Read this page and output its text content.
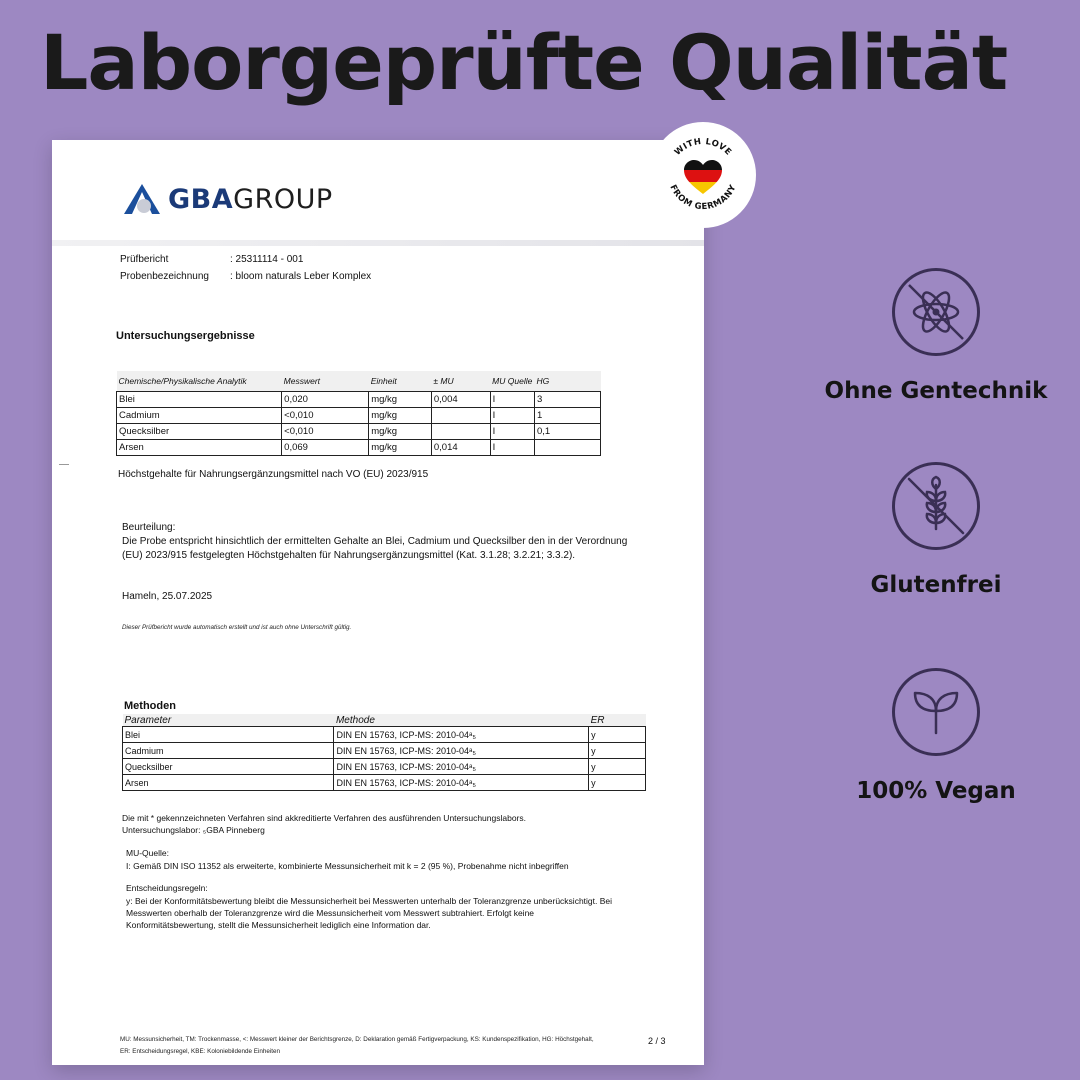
Laborgeprüfte Qualität
GBAGROUP
Prüfbericht	: 25311114 - 001
Probenbezeichnung : bloom naturals Leber Komplex
Untersuchungsergebnisse
Chemische/Physikalische Analytik	Messwert	Einheit	± MU	MU Quelle	HG
Blei	0,020	mg/kg	0,004	I	3
Cadmium	<0,010	mg/kg		I	1
Quecksilber	<0,010	mg/kg		I	0,1
Arsen	0,069	mg/kg	0,014	I	
Höchstgehalte für Nahrungsergänzungsmittel nach VO (EU) 2023/915
Beurteilung:
Die Probe entspricht hinsichtlich der ermittelten Gehalte an Blei, Cadmium und Quecksilber den in der Verordnung
(EU) 2023/915 festgelegten Höchstgehalten für Nahrungsergänzungsmittel (Kat. 3.1.28; 3.2.21; 3.3.2).
Hameln, 25.07.2025
Dieser Prüfbericht wurde automatisch erstellt und ist auch ohne Unterschrift gültig.
Methoden
Parameter	Methode	ER
Blei	DIN EN 15763, ICP-MS: 2010-04ᵃ₅	y
Cadmium	DIN EN 15763, ICP-MS: 2010-04ᵃ₅	y
Quecksilber	DIN EN 15763, ICP-MS: 2010-04ᵃ₅	y
Arsen	DIN EN 15763, ICP-MS: 2010-04ᵃ₅	y
Die mit * gekennzeichneten Verfahren sind akkreditierte Verfahren des ausführenden Untersuchungslabors.
Untersuchungslabor: ₅GBA Pinneberg
MU-Quelle:
I: Gemäß DIN ISO 11352 als erweiterte, kombinierte Messunsicherheit mit k = 2 (95 %), Probenahme nicht inbegriffen
Entscheidungsregeln:
y: Bei der Konformitätsbewertung bleibt die Messunsicherheit bei Messwerten unterhalb der Toleranzgrenze unberücksichtigt. Bei
Messwerten oberhalb der Toleranzgrenze wird die Messunsicherheit vom Messwert subtrahiert. Erfolgt keine
Konformitätsbewertung, stellt die Messunsicherheit lediglich eine Information dar.
MU: Messunsicherheit, TM: Trockenmasse, <: Messwert kleiner der Berichtsgrenze, D: Deklaration gemäß Fertigverpackung, KS: Kundenspezifikation, HG: Höchstgehalt,
ER: Entscheidungsregel, KBE: Koloniebildende Einheiten
2 / 3
WITH LOVE
FROM GERMANY
Ohne Gentechnik
Glutenfrei
100% Vegan
